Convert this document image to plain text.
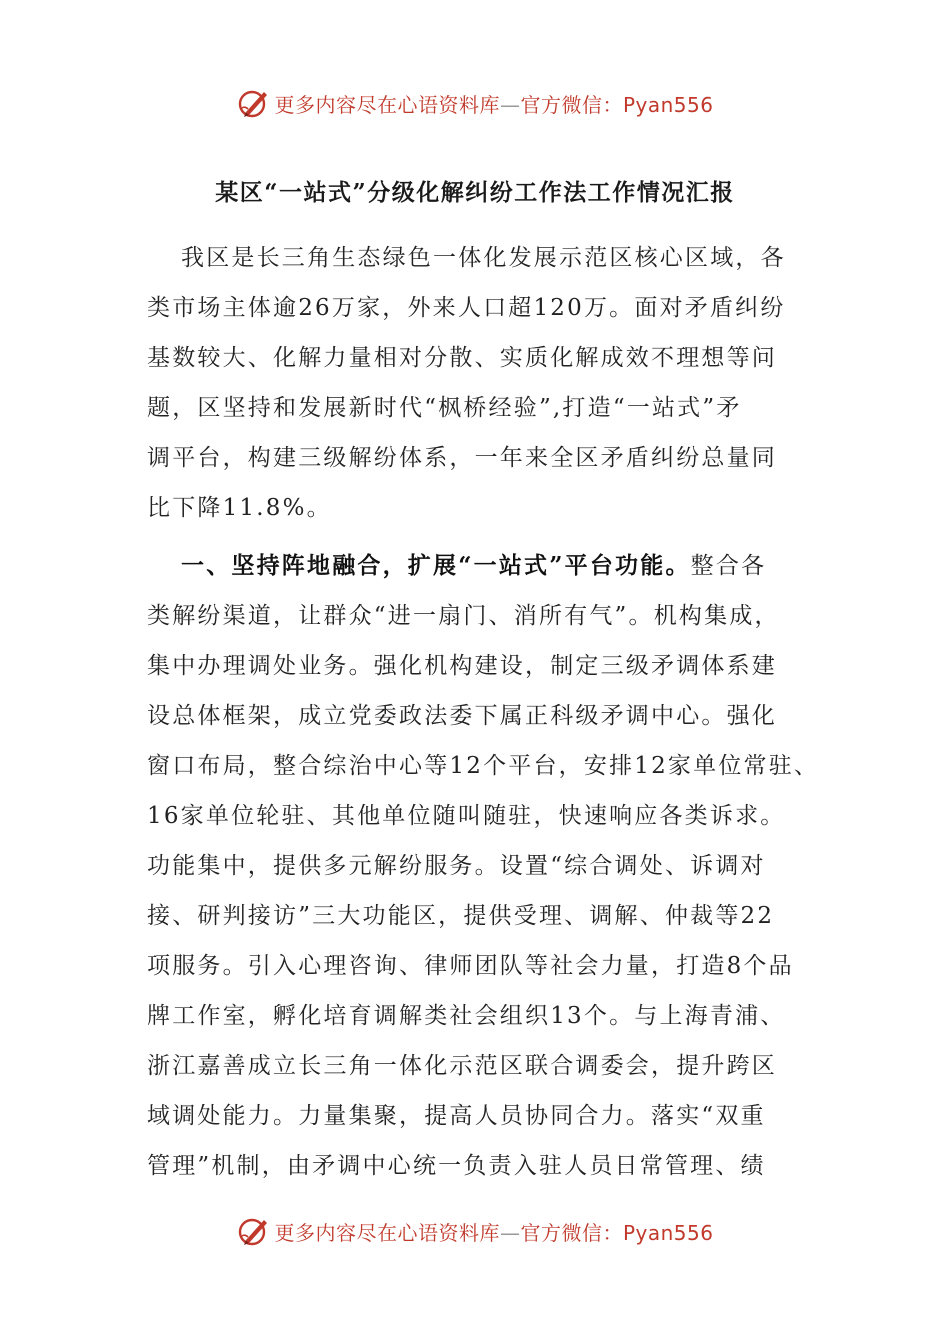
更多内容尽在心语资料库—官方微信：Pyan556
某区“一站式”分级化解纠纷工作法工作情况汇报
我区是长三角生态绿色一体化发展示范区核心区域，各
类市场主体逾26万家，外来人口超120万。面对矛盾纠纷
基数较大、化解力量相对分散、实质化解成效不理想等问
题，区坚持和发展新时代“枫桥经验”,打造“一站式”矛
调平台，构建三级解纷体系，一年来全区矛盾纠纷总量同
比下降11.8%。
一、坚持阵地融合，扩展“一站式”平台功能。整合各
类解纷渠道，让群众“进一扇门、消所有气”。机构集成，
集中办理调处业务。强化机构建设，制定三级矛调体系建
设总体框架，成立党委政法委下属正科级矛调中心。强化
窗口布局，整合综治中心等12个平台，安排12家单位常驻、
16家单位轮驻、其他单位随叫随驻，快速响应各类诉求。
功能集中，提供多元解纷服务。设置“综合调处、诉调对
接、研判接访”三大功能区，提供受理、调解、仲裁等22
项服务。引入心理咨询、律师团队等社会力量，打造8个品
牌工作室，孵化培育调解类社会组织13个。与上海青浦、
浙江嘉善成立长三角一体化示范区联合调委会，提升跨区
域调处能力。力量集聚，提高人员协同合力。落实“双重
管理”机制，由矛调中心统一负责入驻人员日常管理、绩
更多内容尽在心语资料库—官方微信：Pyan556
